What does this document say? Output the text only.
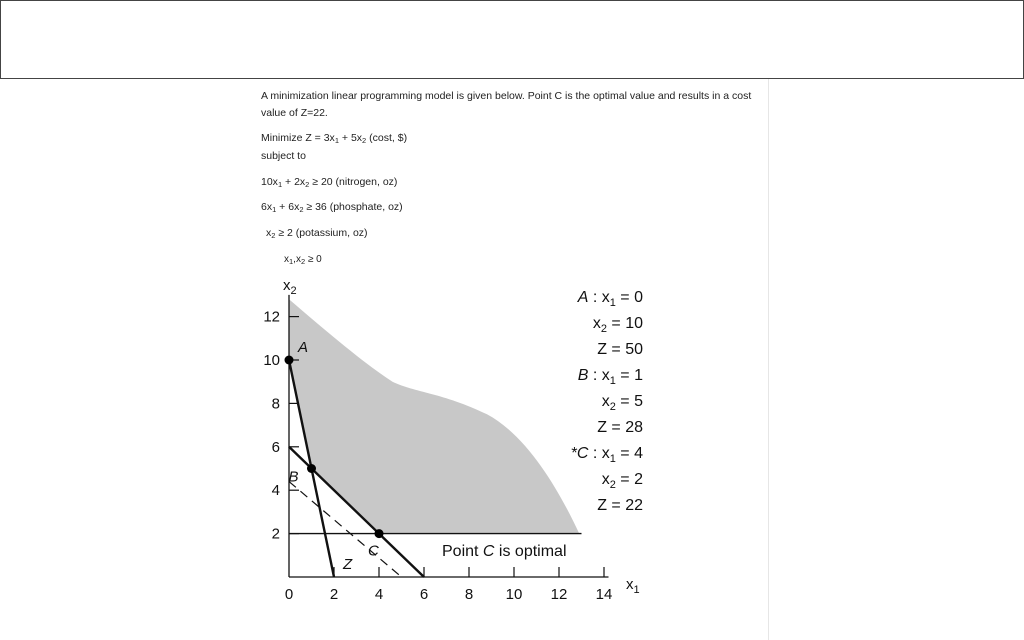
A minimization linear programming model is given below. Point C is the optimal value and results in a cost value of Z=22.
Minimize $Z = 3x_1 + 5x_2$ (cost, $)
subject to
$10x_1 + 2x_2 \ge 20$ (nitrogen, oz)
$6x_1 + 6x_2 \ge 36$ (phosphate, oz)
$x_2 \ge 2$ (potassium, oz)
$x_1,x_2 \ge 0$
2
4
6
8
10
12
0 2 4 6 8 10 12 14
A
B
C
Z
$x_2$
$x_1$
Point C is optimal
A : $x_1 = 0$
$x_2 = 10$
Z = 50
B : $x_1 = 1$
$x_2 = 5$
Z = 28
*C : $x_1 = 4$
$x_2 = 2$
Z = 22
